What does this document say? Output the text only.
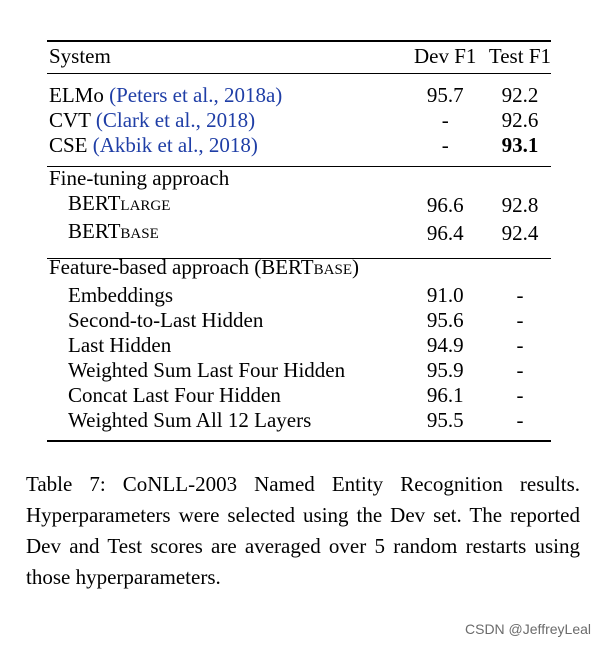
System	Dev F1	Test F1

ELMo (Peters et al., 2018a)	95.7	92.2
CVT (Clark et al., 2018)	-	92.6
CSE (Akbik et al., 2018)	-	93.1

Fine-tuning approach		
BERTLARGE	96.6	92.8
BERTBASE	96.4	92.4

Feature-based approach (BERTBASE)		
Embeddings	91.0	-
Second-to-Last Hidden	95.6	-
Last Hidden	94.9	-
Weighted Sum Last Four Hidden	95.9	-
Concat Last Four Hidden	96.1	-
Weighted Sum All 12 Layers	95.5	-

Table 7: CoNLL-2003 Named Entity Recognition results. Hyperparameters were selected using the Dev set. The reported Dev and Test scores are averaged over 5 random restarts using those hyperparameters.

CSDN @JeffreyLeal
